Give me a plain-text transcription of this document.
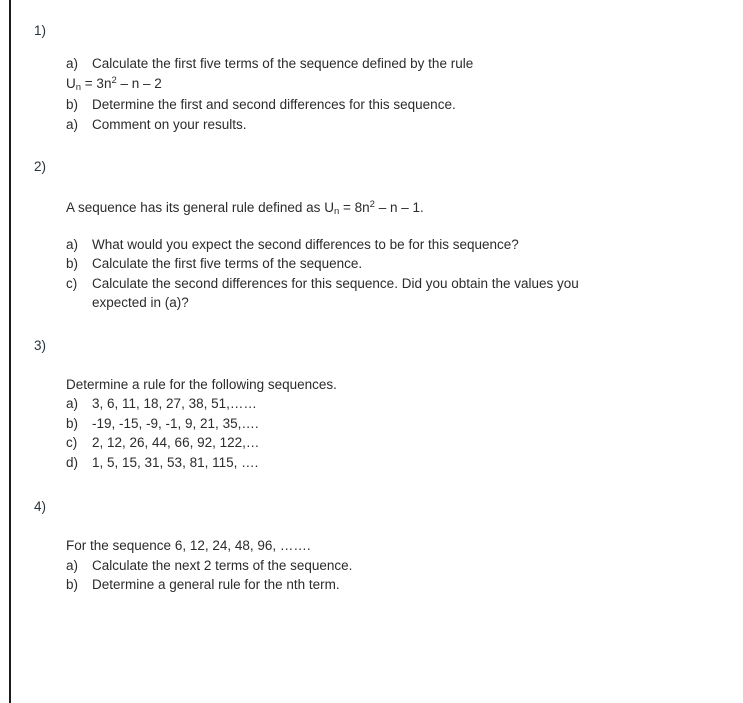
1)
a)	Calculate the first five terms of the sequence defined by the rule
$U_n = 3n^2 - n - 2$
b)	Determine the first and second differences for this sequence.
a)	Comment on your results.
2)
A sequence has its general rule defined as $U_n = 8n^2 - n - 1$.
a)	What would you expect the second differences to be for this sequence?
b)	Calculate the first five terms of the sequence.
c)	Calculate the second differences for this sequence. Did you obtain the values you expected in (a)?
3)
Determine a rule for the following sequences.
a)	3, 6, 11, 18, 27, 38, 51,……
b)	-19, -15, -9, -1, 9, 21, 35,….
c)	2, 12, 26, 44, 66, 92, 122,…
d)	1, 5, 15, 31, 53, 81, 115, ….
4)
For the sequence 6, 12, 24, 48, 96, …….
a)	Calculate the next 2 terms of the sequence.
b)	Determine a general rule for the nth term.
